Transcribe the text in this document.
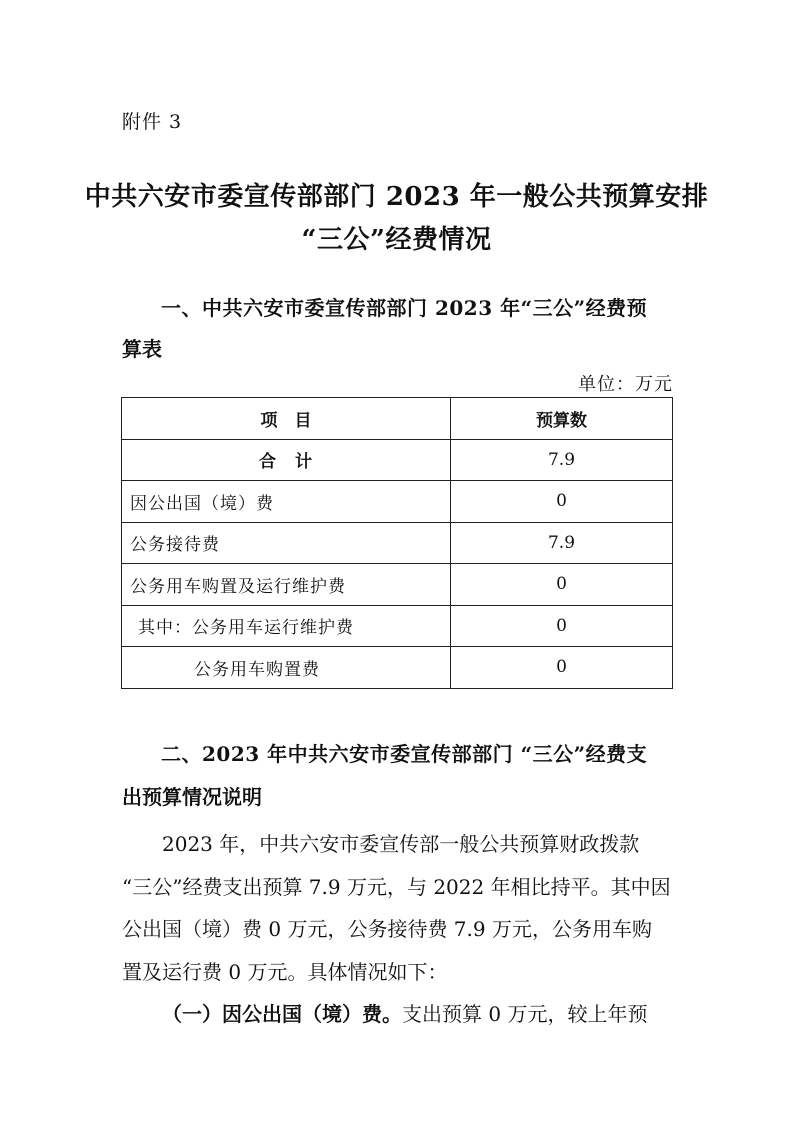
附件 3
中共六安市委宣传部部门 2023 年一般公共预算安排
“三公”经费情况
一、中共六安市委宣传部部门 2023 年“三公”经费预
算表
单位：万元
项　目	预算数
合　计	7.9
因公出国（境）费	0
公务接待费	7.9
公务用车购置及运行维护费	0
其中：公务用车运行维护费	0
公务用车购置费	0
二、2023 年中共六安市委宣传部部门 “三公”经费支
出预算情况说明

2023 年，中共六安市委宣传部一般公共预算财政拨款

“三公”经费支出预算 7.9 万元，与 2022 年相比持平。其中因

公出国（境）费 0 万元，公务接待费 7.9 万元，公务用车购

置及运行费 0 万元。具体情况如下：

（一）因公出国（境）费。支出预算 0 万元，较上年预
